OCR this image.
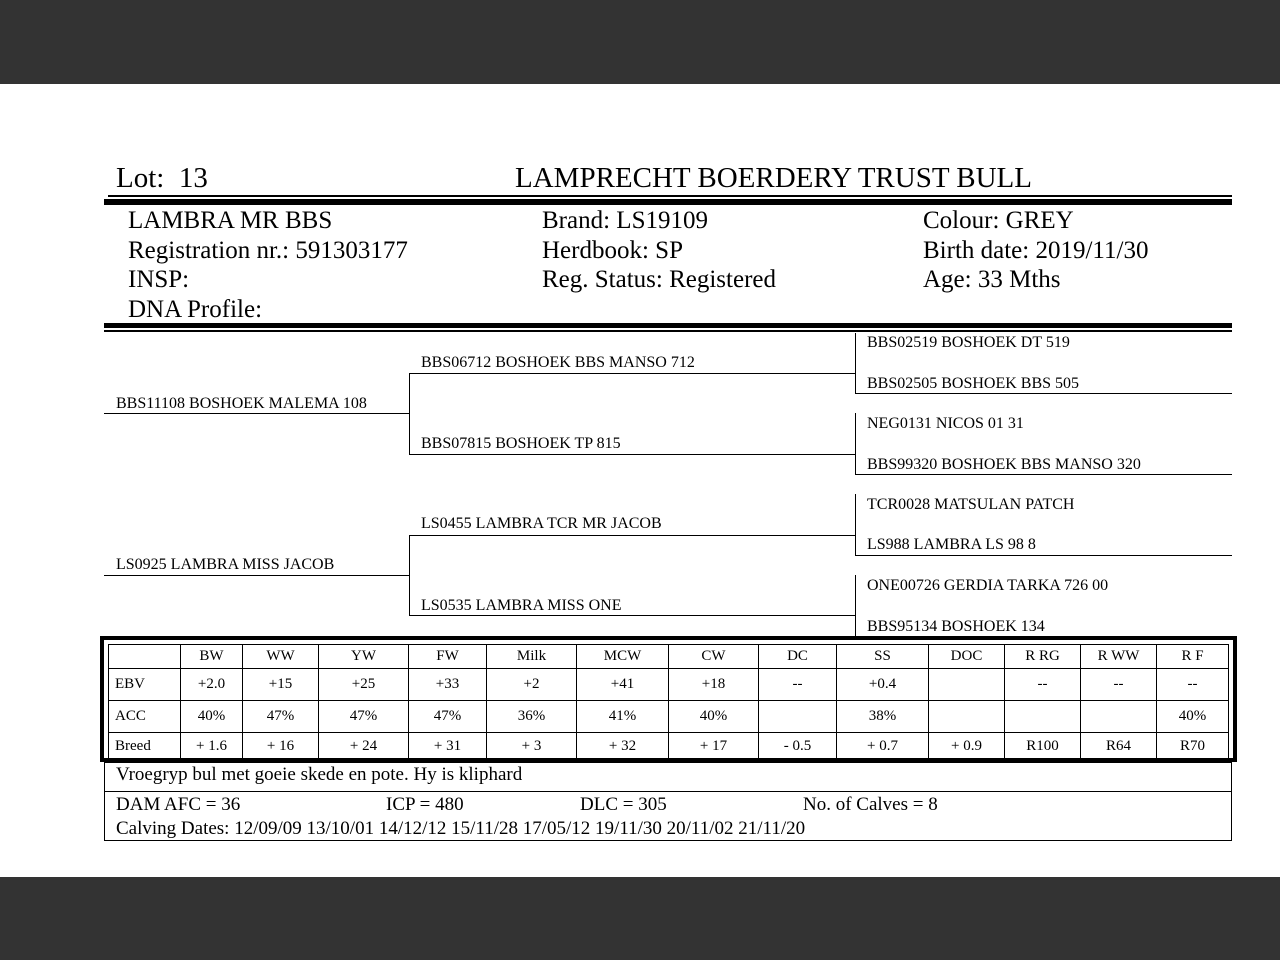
Lot: 13	LAMPRECHT BOERDERY TRUST BULL
LAMBRA MR BBS
Registration nr.: 591303177
INSP:
DNA Profile:
Brand: LS19109
Herdbook: SP
Reg. Status: Registered
Colour: GREY
Birth date: 2019/11/30
Age: 33 Mths
BBS11108 BOSHOEK MALEMA 108
LS0925 LAMBRA MISS JACOB
BBS06712 BOSHOEK BBS MANSO 712
BBS07815 BOSHOEK TP 815
LS0455 LAMBRA TCR MR JACOB
LS0535 LAMBRA MISS ONE
BBS02519 BOSHOEK DT 519
BBS02505 BOSHOEK BBS 505
NEG0131 NICOS 01 31
BBS99320 BOSHOEK BBS MANSO 320
TCR0028 MATSULAN PATCH
LS988 LAMBRA LS 98 8
ONE00726 GERDIA TARKA 726 00
BBS95134 BOSHOEK 134
	BW	WW	YW	FW	Milk	MCW	CW	DC	SS	DOC	R RG	R WW	R F
EBV	+2.0	+15	+25	+33	+2	+41	+18	--	+0.4		--	--	--
ACC	40%	47%	47%	47%	36%	41%	40%		38%				40%
Breed	+ 1.6	+ 16	+ 24	+ 31	+ 3	+ 32	+ 17	- 0.5	+ 0.7	+ 0.9	R100	R64	R70
Vroegryp bul met goeie skede en pote. Hy is kliphard
DAM AFC = 36	ICP = 480	DLC = 305	No. of Calves = 8
Calving Dates: 12/09/09 13/10/01 14/12/12 15/11/28 17/05/12 19/11/30 20/11/02 21/11/20
